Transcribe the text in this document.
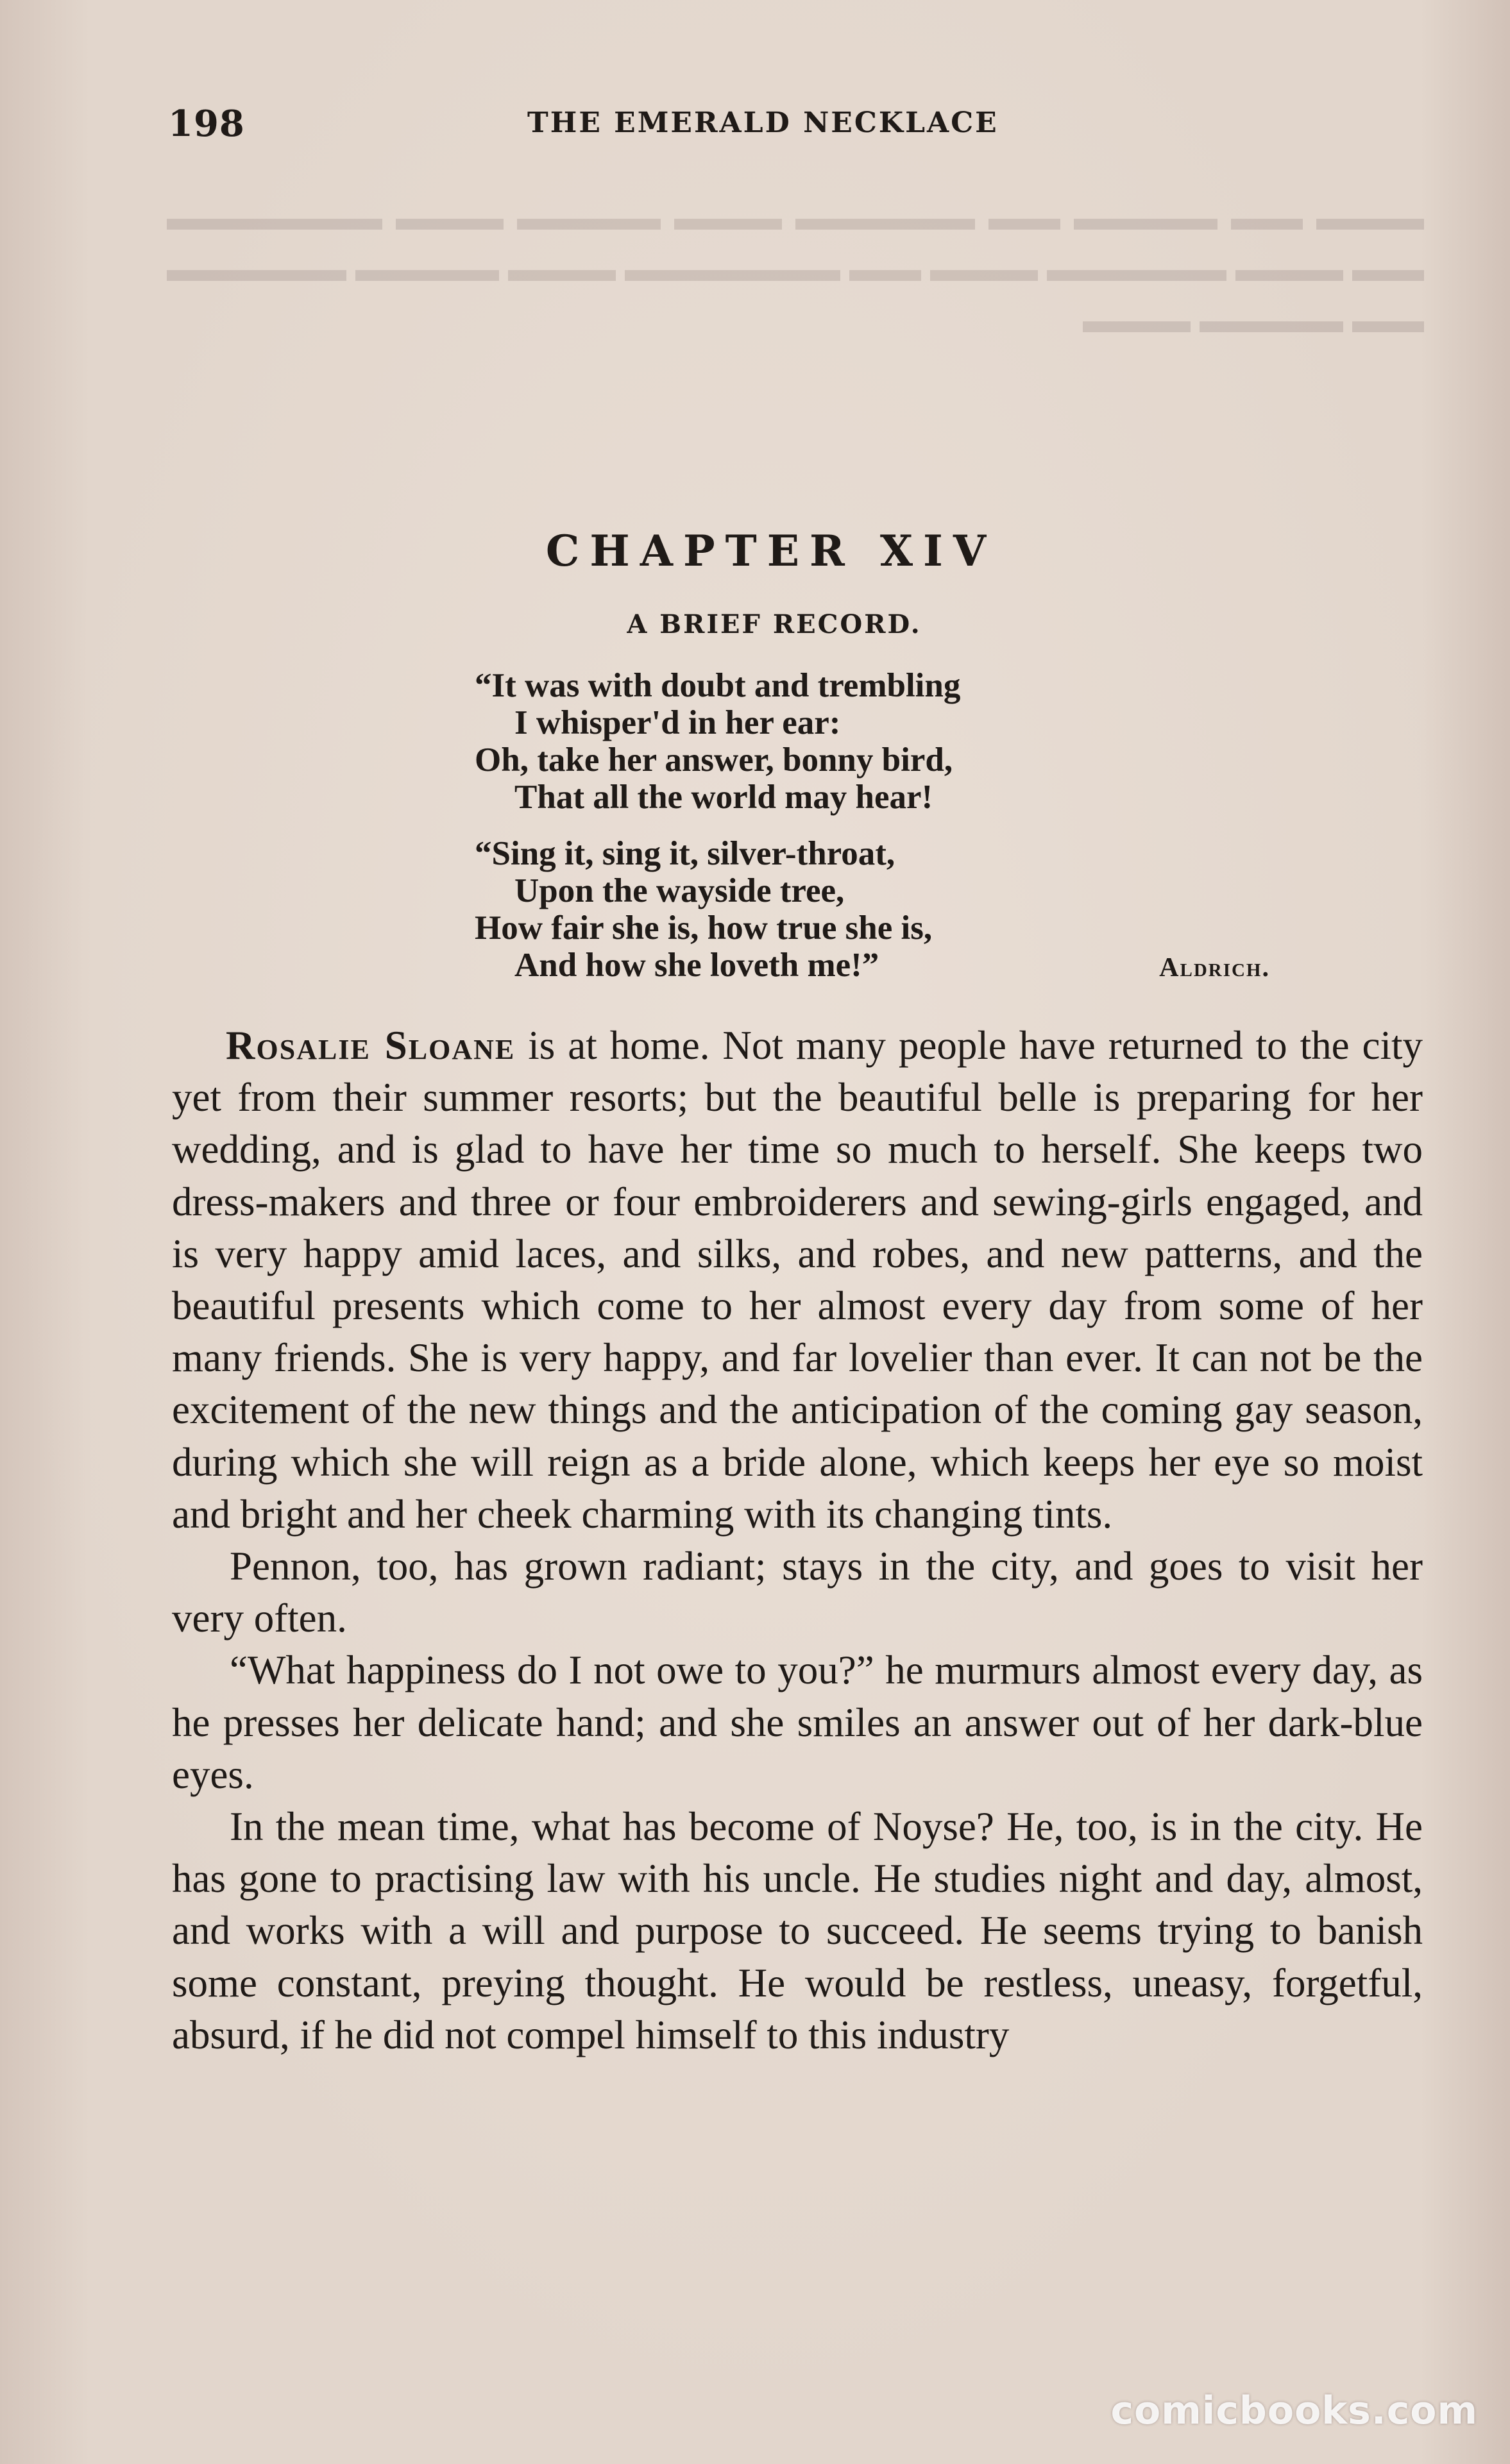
▬▬▬ ▬▬ ▬▬▬▬ ▬▬ ▬▬▬▬▬ ▬▬▬ ▬▬▬▬ ▬▬▬ ▬▬▬▬▬▬ ▬▬ ▬▬▬ ▬▬▬▬▬ ▬▬▬ ▬▬ ▬▬▬▬▬▬ ▬▬▬ ▬▬▬▬ ▬▬▬▬▬ ▬▬ ▬▬▬▬ ▬▬▬
198	THE EMERALD NECKLACE
CHAPTER XIV
A BRIEF RECORD.
“It was with doubt and trembling
I whisper'd in her ear:
Oh, take her answer, bonny bird,
That all the world may hear!
“Sing it, sing it, silver-throat,
Upon the wayside tree,
How fair she is, how true she is,
And how she loveth me!”	Aldrich.

Rosalie Sloane is at home. Not many people have returned to the city yet from their summer resorts; but the beautiful belle is preparing for her wedding, and is glad to have her time so much to herself. She keeps two dress-makers and three or four embroiderers and sewing-girls engaged, and is very happy amid laces, and silks, and robes, and new patterns, and the beautiful presents which come to her almost every day from some of her many friends. She is very happy, and far lovelier than ever. It can not be the excitement of the new things and the anticipation of the coming gay season, during which she will reign as a bride alone, which keeps her eye so moist and bright and her cheek charming with its changing tints.

Pennon, too, has grown radiant; stays in the city, and goes to visit her very often.

“What happiness do I not owe to you?” he murmurs almost every day, as he presses her delicate hand; and she smiles an answer out of her dark-blue eyes.

In the mean time, what has become of Noyse? He, too, is in the city. He has gone to practising law with his uncle. He studies night and day, almost, and works with a will and purpose to succeed. He seems trying to banish some constant, preying thought. He would be restless, uneasy, forgetful, absurd, if he did not compel himself to this industry

comicbooks.com
